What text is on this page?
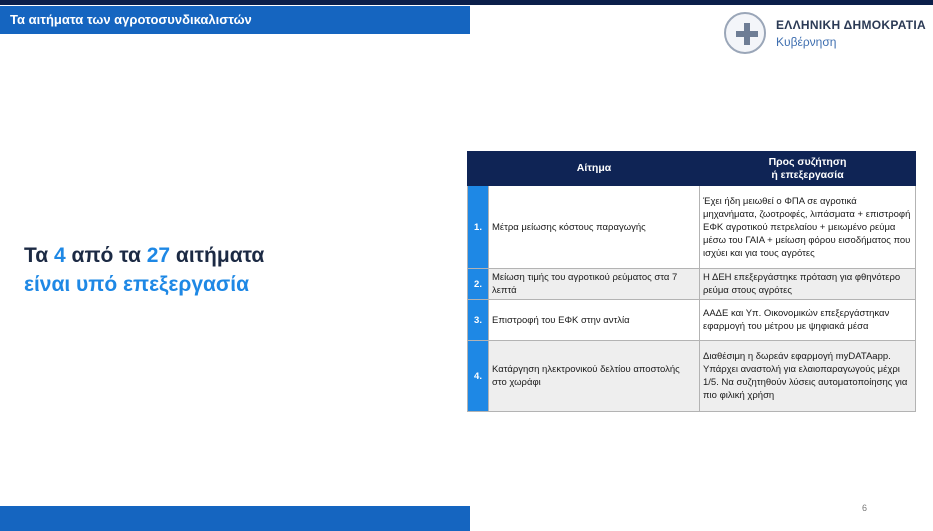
Τα αιτήματα των αγροτοσυνδικαλιστών	ΕΛΛΗΝΙΚΗ ΔΗΜΟΚΡΑΤΙΑ
Κυβέρνηση
Τα 4 από τα 27 αιτήματα
είναι υπό επεξεργασία
	Αίτημα	Προς συζήτηση
ή επεξεργασία

1.	Μέτρα μείωσης κόστους παραγωγής	Έχει ήδη μειωθεί ο ΦΠΑ σε αγροτικά μηχανήματα, ζωοτροφές, λιπάσματα + επιστροφή ΕΦΚ αγροτικού πετρελαίου + μειωμένο ρεύμα μέσω του ΓΑΙΑ + μείωση φόρου εισοδήματος που ισχύει και για τους αγρότες
2.	Μείωση τιμής του αγροτικού ρεύματος στα 7 λεπτά	Η ΔΕΗ επεξεργάστηκε πρόταση για φθηνότερο ρεύμα στους αγρότες
3.	Επιστροφή του ΕΦΚ στην αντλία	ΑΑΔΕ και Υπ. Οικονομικών επεξεργάστηκαν εφαρμογή του μέτρου με ψηφιακά μέσα
4.	Κατάργηση ηλεκτρονικού δελτίου αποστολής στο χωράφι	Διαθέσιμη η δωρεάν εφαρμογή myDATAapp. Υπάρχει αναστολή για ελαιοπαραγωγούς μέχρι 1/5. Να συζητηθούν λύσεις αυτοματοποίησης για πιο φιλική χρήση
6
